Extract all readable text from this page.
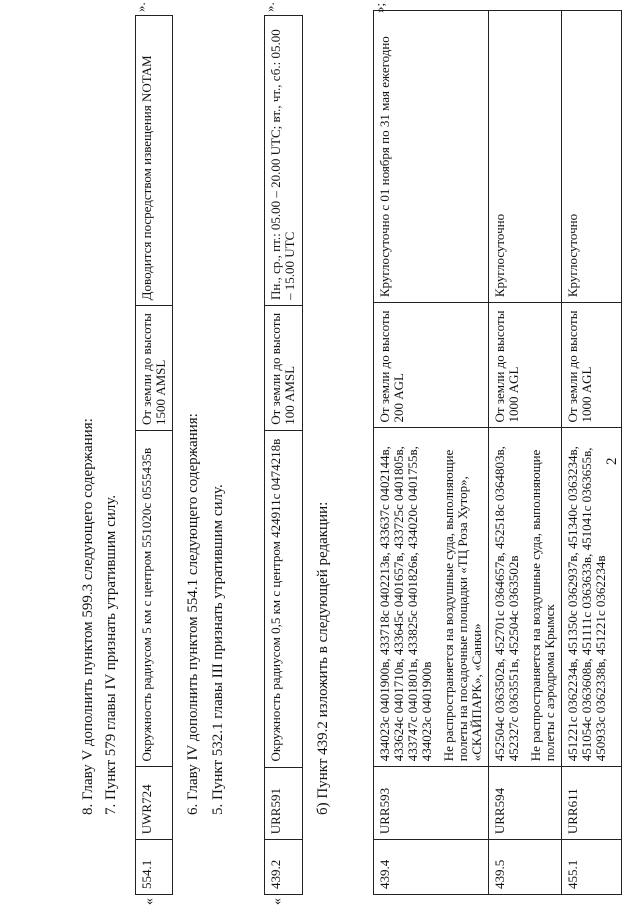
2
439.4	URR593	434023с 0401900в, 433718с 0402213в, 433637с 0402144в, 433624с 0401710в, 433645с 0401657в, 433725с 0401805в, 433747с 0401801в, 433825с 0401826в, 434020с 0401755в, 434023с 0401900в Не распространяется на воздушные суда, выполняющие полеты на посадочные площадки «ТЦ Роза Хутор», «СКАЙПАРК», «Санки»	От земли до высоты 200 AGL	Круглосуточно с 01 ноября по 31 мая ежегодно
439.5	URR594	452504с 0363502в, 452701с 0364657в, 452518с 0364803в, 452327с 0363551в, 452504с 0363502в Не распространяется на воздушные суда, выполняющие полеты с аэродрома Крымск	От земли до высоты 1000 AGL	Круглосуточно
455.1	URR611	451221с 0362234в, 451350с 0362937в, 451340с 0363234в, 451054с 0363608в, 451111с 0363633в, 451041с 0363655в, 450933с 0362338в, 451221с 0362234в	От земли до высоты 1000 AGL	Круглосуточно
»;
б) Пункт 439.2 изложить в следующей редакции:
«
439.2	URR591	Окружность радиусом 0,5 км с центром 424911с 0474218в	От земли до высоты 100 AMSL	Пн., ср., пт.: 05.00 – 20.00 UTC; вт., чт., сб.: 05.00 – 15.00 UTC
».
5. Пункт 532.1 главы III признать утратившим силу.
6. Главу IV дополнить пунктом 554.1 следующего содержания:
«
554.1	UWR724	Окружность радиусом 5 км с центром 551020с 0555435в	От земли до высоты 1500 AMSL	Доводится посредством извещения NOTAM
».
7. Пункт 579 главы IV признать утратившим силу.
8. Главу V дополнить пунктом 599.3 следующего содержания:
